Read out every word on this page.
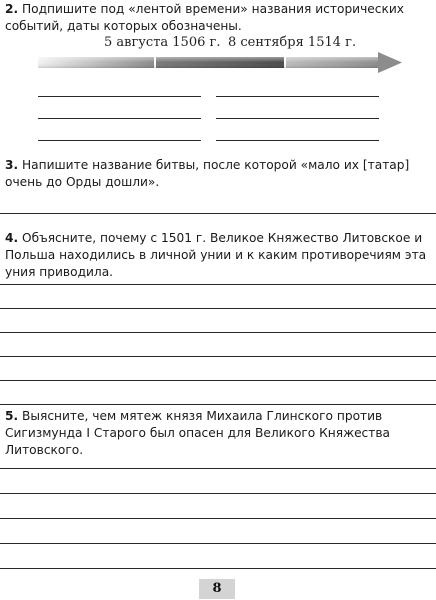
2. Подпишите под «лентой времени» названия исторических событий, даты которых обозначены.
5 августа 1506 г. 8 сентября 1514 г.
3. Напишите название битвы, после которой «мало их [татар] очень до Орды дошли».
4. Объясните, почему с 1501 г. Великое Княжество Литовское и Польша находились в личной унии и к каким противоречиям эта уния приводила.
5. Выясните, чем мятеж князя Михаила Глинского против Сигизмунда I Старого был опасен для Великого Княжества Литовского.
8
